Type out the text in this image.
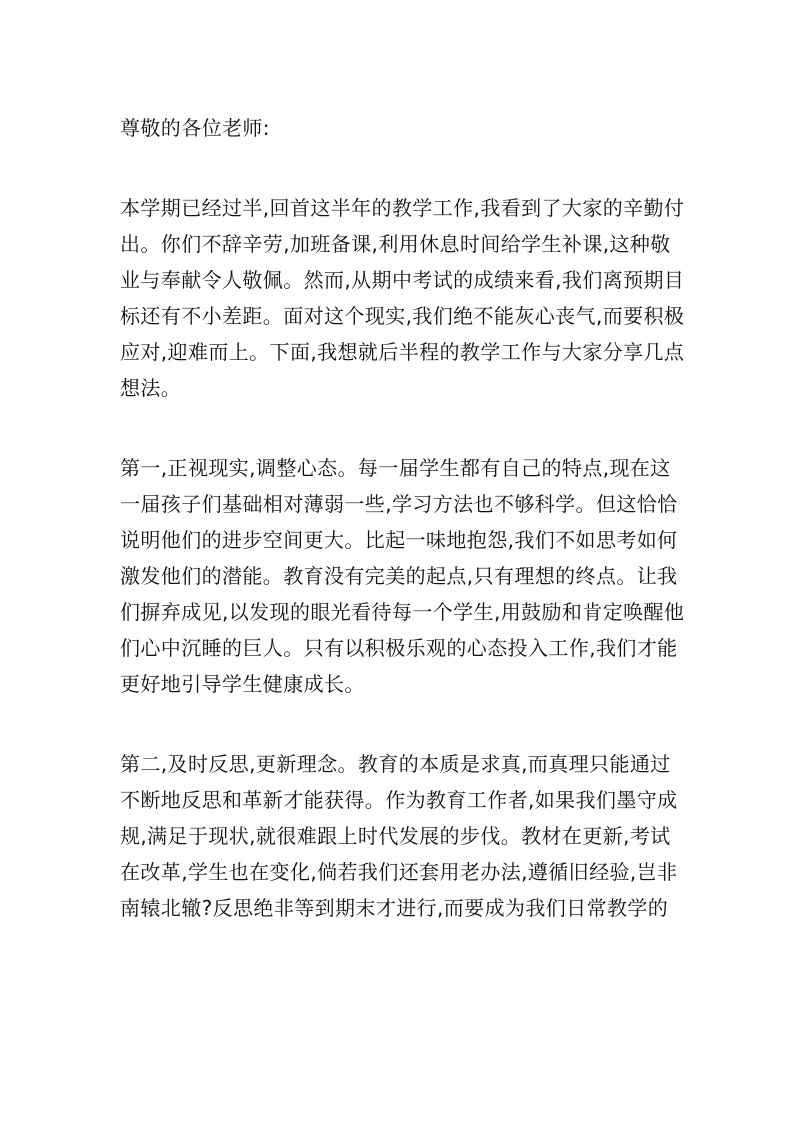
尊敬的各位老师:
本学期已经过半,回首这半年的教学工作,我看到了大家的辛勤付
出。你们不辞辛劳,加班备课,利用休息时间给学生补课,这种敬
业与奉献令人敬佩。然而,从期中考试的成绩来看,我们离预期目
标还有不小差距。面对这个现实,我们绝不能灰心丧气,而要积极
应对,迎难而上。下面,我想就后半程的教学工作与大家分享几点
想法。
第一,正视现实,调整心态。每一届学生都有自己的特点,现在这
一届孩子们基础相对薄弱一些,学习方法也不够科学。但这恰恰
说明他们的进步空间更大。比起一味地抱怨,我们不如思考如何
激发他们的潜能。教育没有完美的起点,只有理想的终点。让我
们摒弃成见,以发现的眼光看待每一个学生,用鼓励和肯定唤醒他
们心中沉睡的巨人。只有以积极乐观的心态投入工作,我们才能
更好地引导学生健康成长。
第二,及时反思,更新理念。教育的本质是求真,而真理只能通过
不断地反思和革新才能获得。作为教育工作者,如果我们墨守成
规,满足于现状,就很难跟上时代发展的步伐。教材在更新,考试
在改革,学生也在变化,倘若我们还套用老办法,遵循旧经验,岂非
南辕北辙?反思绝非等到期末才进行,而要成为我们日常教学的
